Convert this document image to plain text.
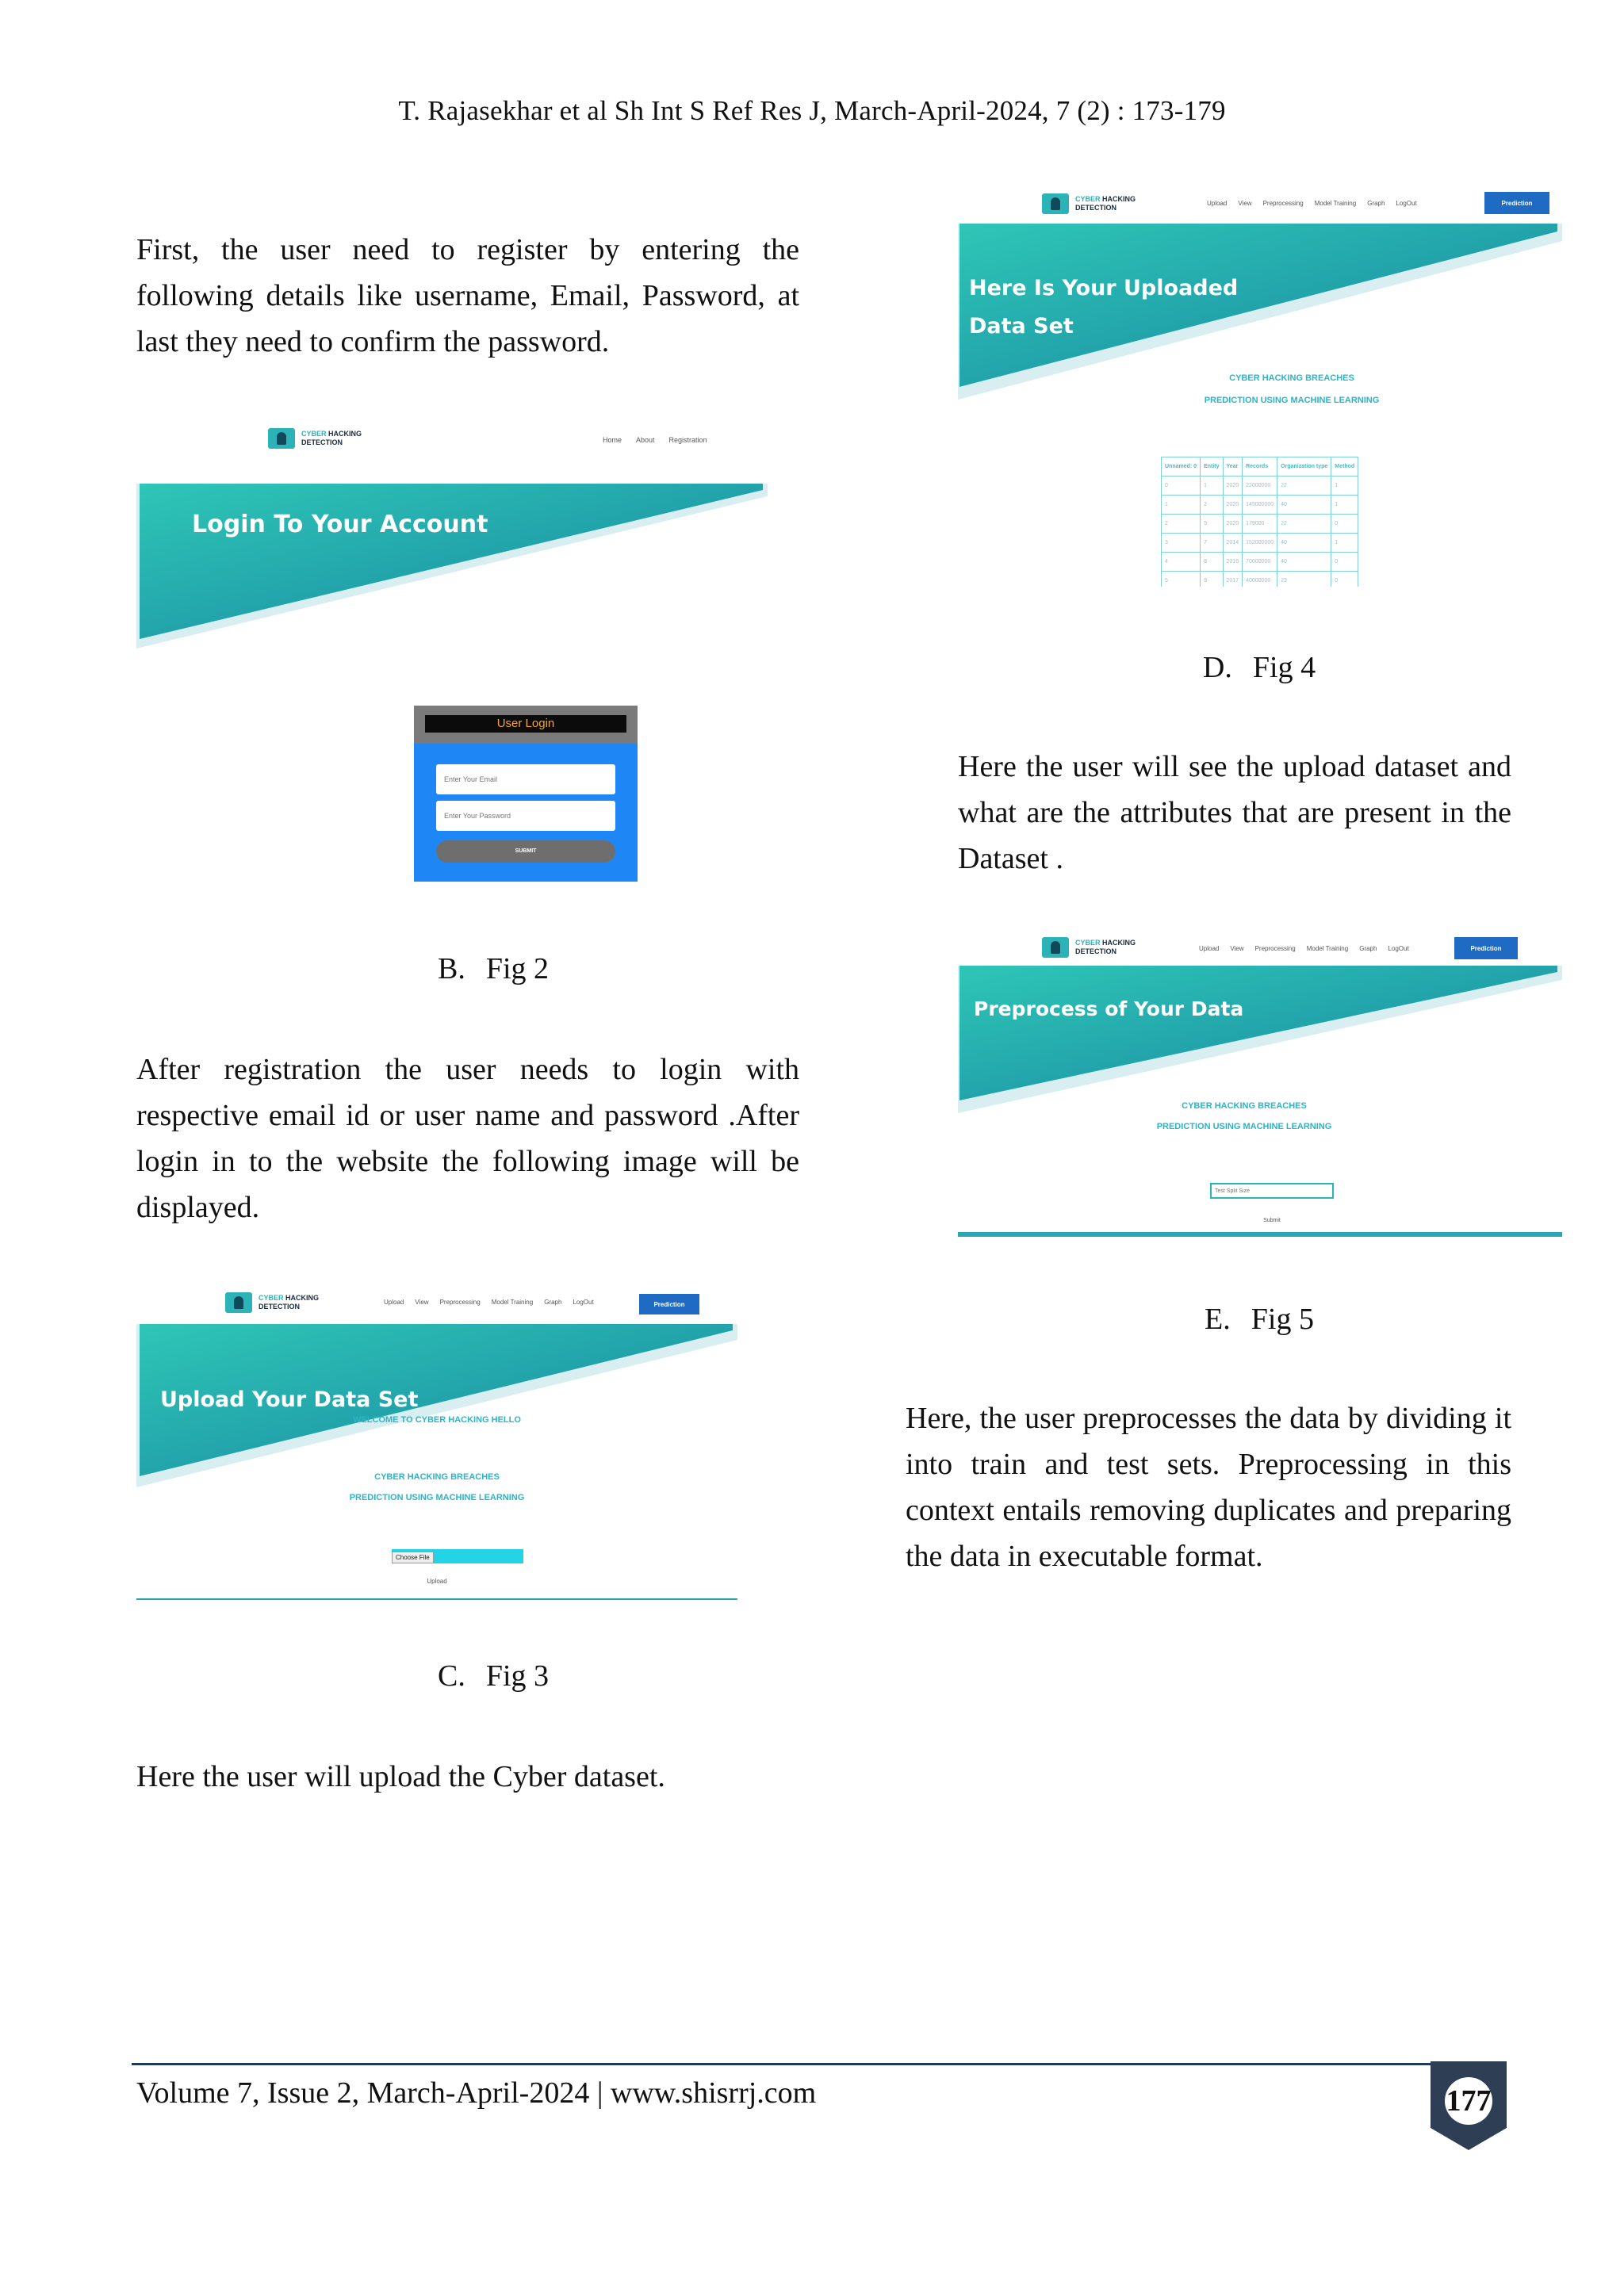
T. Rajasekhar et al Sh Int S Ref Res J, March-April-2024, 7 (2) : 173-179

First, the user need to register by entering the following details like username, Email, Password, at last they need to confirm the password.

CYBER HACKING
DETECTION	Home About Registration
Login To Your Account
User Login
Enter Your Email
Enter Your Password
SUBMIT
B. Fig 2

After registration the user needs to login with respective email id or user name and password .After login in to the website the following image will be displayed.

CYBER HACKING
DETECTION
Upload View Preprocessing Model Training Graph LogOut	Prediction
Upload Your Data Set
WELCOME TO CYBER HACKING HELLO
CYBER HACKING BREACHES
PREDICTION USING MACHINE LEARNING
Choose File
Upload
C. Fig 3

Here the user will upload the Cyber dataset.

CYBER HACKING
DETECTION
Upload View Preprocessing Model Training Graph LogOut	Prediction
Here Is Your Uploaded
Data Set
CYBER HACKING BREACHES
PREDICTION USING MACHINE LEARNING
Unnamed: 0	Entity	Year	Records	Organization type	Method
0	1	2020	22000000	22	1
1	2	2020	145000000	40	1
2	5	2020	179000	22	0
3	7	2014	152000000	40	1
4	8	2016	70000000	40	0
5	9	2017	40000000	23	0
D. Fig 4

Here the user will see the upload dataset and what are the attributes that are present in the Dataset .

CYBER HACKING
DETECTION	Upload View Preprocessing Model Training Graph LogOut	Prediction
Preprocess of Your Data
CYBER HACKING BREACHES
PREDICTION USING MACHINE LEARNING
Test Split Size
Submit
E. Fig 5

Here, the user preprocesses the data by dividing it into train and test sets. Preprocessing in this context entails removing duplicates and preparing the data in executable format.

Volume 7, Issue 2, March-April-2024 | www.shisrrj.com	177
